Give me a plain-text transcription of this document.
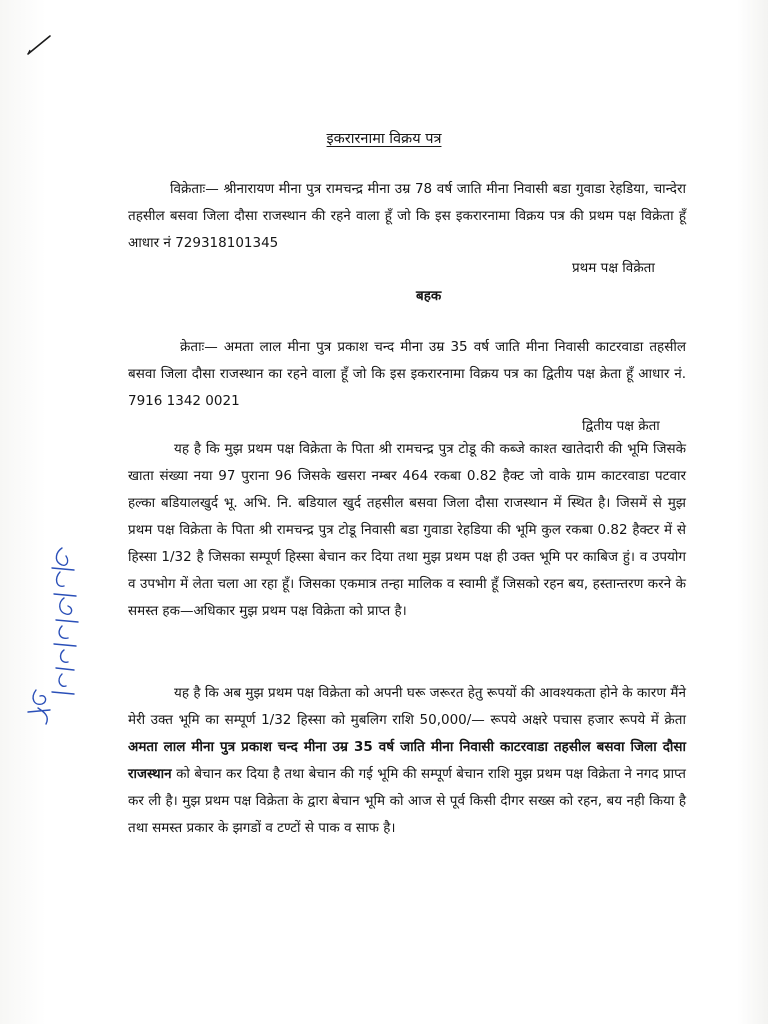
इकरारनामा विक्रय पत्र

विक्रेताः— श्रीनारायण मीना पुत्र रामचन्द्र मीना उम्र 78 वर्ष जाति मीना निवासी बडा गुवाडा रेहडिया, चान्देरा तहसील बसवा जिला दौसा राजस्थान की रहने वाला हूँ जो कि इस इकरारनामा विक्रय पत्र की प्रथम पक्ष विक्रेता हूँ आधार नं 729318101345

प्रथम पक्ष विक्रेता
बहक

क्रेताः— अमता लाल मीना पुत्र प्रकाश चन्द मीना उम्र 35 वर्ष जाति मीना निवासी काटरवाडा तहसील बसवा जिला दौसा राजस्थान का रहने वाला हूँ जो कि इस इकरारनामा विक्रय पत्र का द्वितीय पक्ष क्रेता हूँ आधार नं. 7916 1342 0021

द्वितीय पक्ष क्रेता

यह है कि मुझ प्रथम पक्ष विक्रेता के पिता श्री रामचन्द्र पुत्र टोडू की कब्जे काश्त खातेदारी की भूमि जिसके खाता संख्या नया 97 पुराना 96 जिसके खसरा नम्बर 464 रकबा 0.82 हैक्ट जो वाके ग्राम काटरवाडा पटवार हल्का बडियालखुर्द भू. अभि. नि. बडियाल खुर्द तहसील बसवा जिला दौसा राजस्थान में स्थित है। जिसमें से मुझ प्रथम पक्ष विक्रेता के पिता श्री रामचन्द्र पुत्र टोडू निवासी बडा गुवाडा रेहडिया की भूमि कुल रकबा 0.82 हैक्टर में से हिस्सा 1/32 है जिसका सम्पूर्ण हिस्सा बेचान कर दिया तथा मुझ प्रथम पक्ष ही उक्त भूमि पर काबिज हुं। व उपयोग व उपभोग में लेता चला आ रहा हूँ। जिसका एकमात्र तन्हा मालिक व स्वामी हूँ जिसको रहन बय, हस्तान्तरण करने के समस्त हक—अधिकार मुझ प्रथम पक्ष विक्रेता को प्राप्त है।

यह है कि अब मुझ प्रथम पक्ष विक्रेता को अपनी घरू जरूरत हेतु रूपयों की आवश्यकता होने के कारण मैंने मेरी उक्त भूमि का सम्पूर्ण 1/32 हिस्सा को मुबलिग राशि 50,000/— रूपये अक्षरे पचास हजार रूपये में क्रेता अमता लाल मीना पुत्र प्रकाश चन्द मीना उम्र 35 वर्ष जाति मीना निवासी काटरवाडा तहसील बसवा जिला दौसा राजस्थान को बेचान कर दिया है तथा बेचान की गई भूमि की सम्पूर्ण बेचान राशि मुझ प्रथम पक्ष विक्रेता ने नगद प्राप्त कर ली है। मुझ प्रथम पक्ष विक्रेता के द्वारा बेचान भूमि को आज से पूर्व किसी दीगर सख्स को रहन, बय नही किया है तथा समस्त प्रकार के झगडों व टण्टों से पाक व साफ है।
